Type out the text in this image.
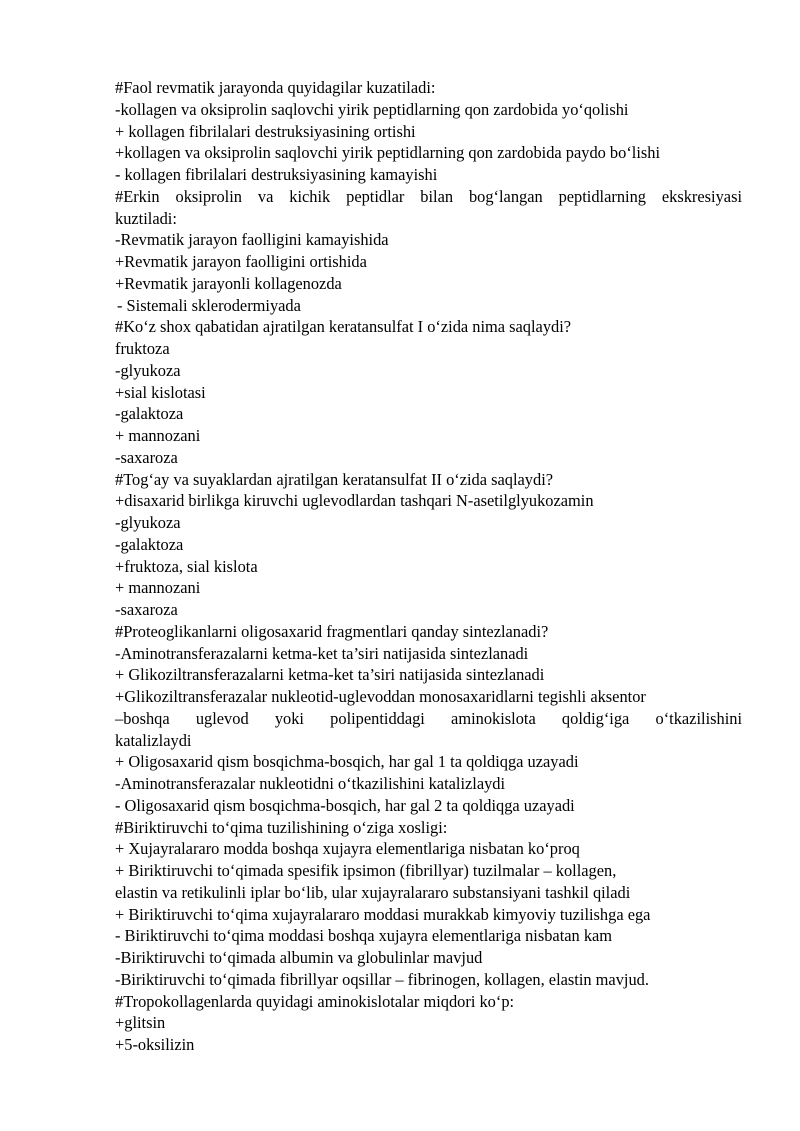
#Faol revmatik jarayonda quyidagilar kuzatiladi:
-kollagen va oksiprolin saqlovchi yirik peptidlarning qon zardobida yo‘qolishi
+ kollagen fibrilalari destruksiyasining ortishi
+kollagen va oksiprolin saqlovchi yirik peptidlarning qon zardobida paydo bo‘lishi
- kollagen fibrilalari destruksiyasining kamayishi
#Erkin oksiprolin va kichik peptidlar bilan bog‘langan peptidlarning ekskresiyasi
kuztiladi:
-Revmatik jarayon faolligini kamayishida
+Revmatik jarayon faolligini ortishida
+Revmatik jarayonli kollagenozda
- Sistemali sklerodermiyada
#Ko‘z shox qabatidan ajratilgan keratansulfat I o‘zida nima saqlaydi?
fruktoza
-glyukoza
+sial kislotasi
-galaktoza
+ mannozani
-saxaroza
#Tog‘ay va suyaklardan ajratilgan keratansulfat II o‘zida saqlaydi?
+disaxarid birlikga kiruvchi uglevodlardan tashqari N-asetilglyukozamin
-glyukoza
-galaktoza
+fruktoza, sial kislota
+ mannozani
-saxaroza
#Proteoglikanlarni oligosaxarid fragmentlari qanday sintezlanadi?
-Aminotransferazalarni ketma-ket ta’siri natijasida sintezlanadi
+ Glikoziltransferazalarni ketma-ket ta’siri natijasida sintezlanadi
+Glikoziltransferazalar nukleotid-uglevoddan monosaxaridlarni tegishli aksentor
–boshqa uglevod yoki polipentiddagi aminokislota qoldig‘iga o‘tkazilishini
katalizlaydi
+ Oligosaxarid qism bosqichma-bosqich, har gal 1 ta qoldiqga uzayadi
-Aminotransferazalar nukleotidni o‘tkazilishini katalizlaydi
- Oligosaxarid qism bosqichma-bosqich, har gal 2 ta qoldiqga uzayadi
#Biriktiruvchi to‘qima tuzilishining o‘ziga xosligi:
+ Xujayralararo modda boshqa xujayra elementlariga nisbatan ko‘proq
+ Biriktiruvchi to‘qimada spesifik ipsimon (fibrillyar) tuzilmalar – kollagen,
elastin va retikulinli iplar bo‘lib, ular xujayralararo substansiyani tashkil qiladi
+ Biriktiruvchi to‘qima xujayralararo moddasi murakkab kimyoviy tuzilishga ega
- Biriktiruvchi to‘qima moddasi boshqa xujayra elementlariga nisbatan kam
-Biriktiruvchi to‘qimada albumin va globulinlar mavjud
-Biriktiruvchi to‘qimada fibrillyar oqsillar – fibrinogen, kollagen, elastin mavjud.
#Tropokollagenlarda quyidagi aminokislotalar miqdori ko‘p:
+glitsin
+5-oksilizin
